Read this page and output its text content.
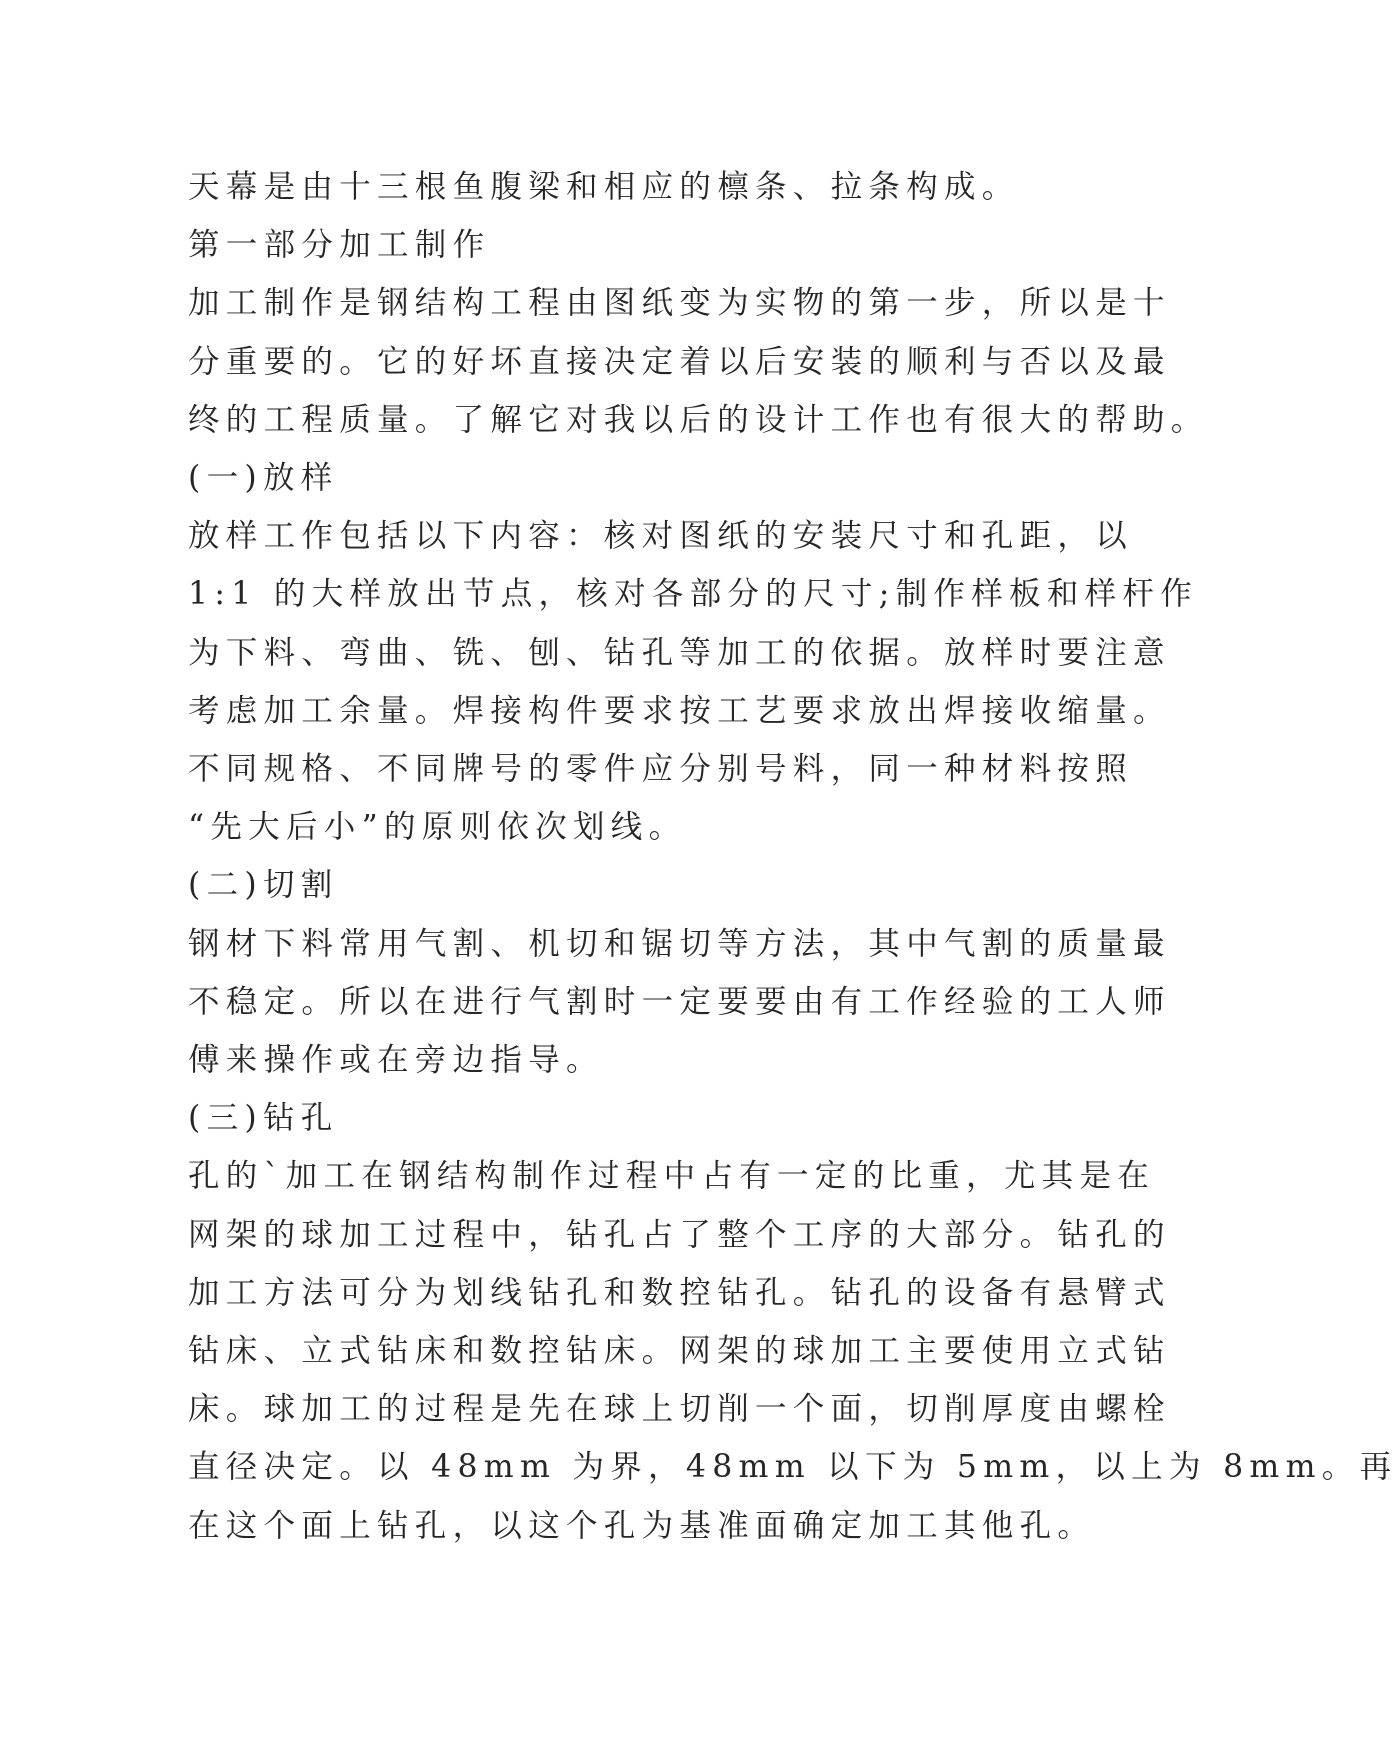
天幕是由十三根鱼腹梁和相应的檩条、拉条构成。

第一部分加工制作

加工制作是钢结构工程由图纸变为实物的第一步，所以是十

分重要的。它的好坏直接决定着以后安装的顺利与否以及最

终的工程质量。了解它对我以后的设计工作也有很大的帮助。

(一)放样

放样工作包括以下内容：核对图纸的安装尺寸和孔距，以

1:1 的大样放出节点，核对各部分的尺寸;制作样板和样杆作

为下料、弯曲、铣、刨、钻孔等加工的依据。放样时要注意

考虑加工余量。焊接构件要求按工艺要求放出焊接收缩量。

不同规格、不同牌号的零件应分别号料，同一种材料按照

“先大后小”的原则依次划线。

(二)切割

钢材下料常用气割、机切和锯切等方法，其中气割的质量最

不稳定。所以在进行气割时一定要要由有工作经验的工人师

傅来操作或在旁边指导。

(三)钻孔

孔的`加工在钢结构制作过程中占有一定的比重，尤其是在

网架的球加工过程中，钻孔占了整个工序的大部分。钻孔的

加工方法可分为划线钻孔和数控钻孔。钻孔的设备有悬臂式

钻床、立式钻床和数控钻床。网架的球加工主要使用立式钻

床。球加工的过程是先在球上切削一个面，切削厚度由螺栓

直径决定。以 48mm 为界，48mm 以下为 5mm，以上为 8mm。再

在这个面上钻孔，以这个孔为基准面确定加工其他孔。
